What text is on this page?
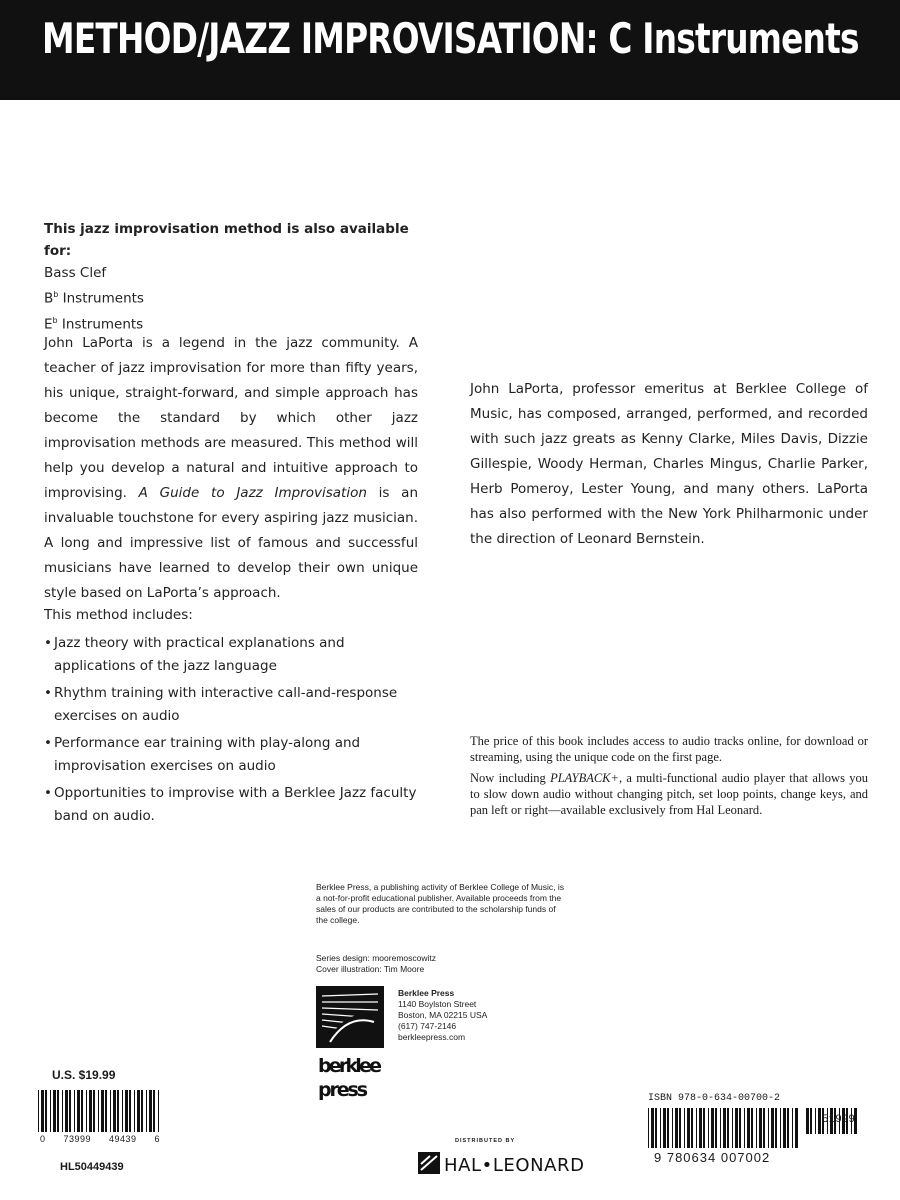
METHOD/JAZZ IMPROVISATION: C Instruments
This jazz improvisation method is also available for:
Bass Clef
$B^b$ Instruments
$E^b$ Instruments
John LaPorta is a legend in the jazz community. A teacher of jazz improvisation for more than fifty years, his unique, straight-forward, and simple approach has become the standard by which other jazz improvisation methods are measured. This method will help you develop a natural and intuitive approach to improvising. A Guide to Jazz Improvisation is an invaluable touchstone for every aspiring jazz musician. A long and impressive list of famous and successful musicians have learned to develop their own unique style based on LaPorta’s approach.
This method includes:
• Jazz theory with practical explanations and applications of the jazz language
• Rhythm training with interactive call-and-response exercises on audio
• Performance ear training with play-along and improvisation exercises on audio
• Opportunities to improvise with a Berklee Jazz faculty band on audio.
John LaPorta, professor emeritus at Berklee College of Music, has composed, arranged, performed, and recorded with such jazz greats as Kenny Clarke, Miles Davis, Dizzie Gillespie, Woody Herman, Charles Mingus, Charlie Parker, Herb Pomeroy, Lester Young, and many others. LaPorta has also performed with the New York Philharmonic under the direction of Leonard Bernstein.

The price of this book includes access to audio tracks online, for download or streaming, using the unique code on the first page.

Now including PLAYBACK+, a multi-functional audio player that allows you to slow down audio without changing pitch, set loop points, change keys, and pan left or right—available exclusively from Hal Leonard.

Berklee Press, a publishing activity of Berklee College of Music, is a not-for-profit educational publisher. Available proceeds from the sales of our products are contributed to the scholarship funds of the college.
Series design: mooremoscowitz
Cover illustration: Tim Moore
berklee
press
Berklee Press
1140 Boylston Street
Boston, MA 02215 USA
(617) 747-2146
berkleepress.com
U.S. $19.99
0 73999 49439 6
HL50449439
DISTRIBUTED BY
HAL•LEONARD
ISBN 978-0-634-00700-2
51999
9 780634 007002
